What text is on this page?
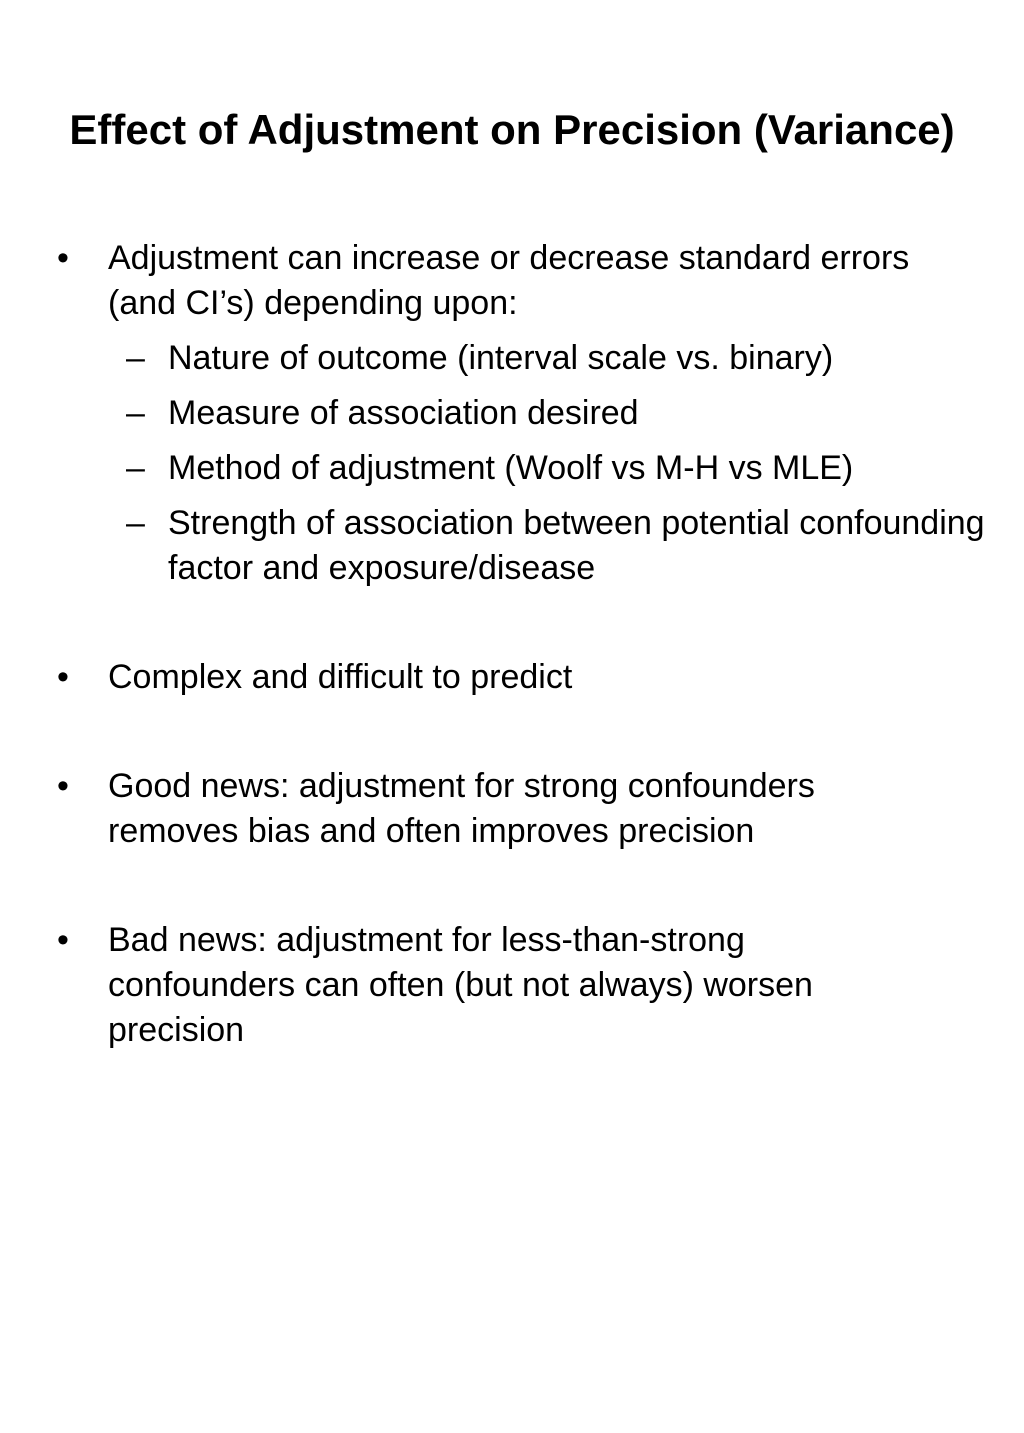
Effect of Adjustment on Precision (Variance)
• Adjustment can increase or decrease standard errors (and CI’s) depending upon:
– Nature of outcome (interval scale vs. binary)
– Measure of association desired
– Method of adjustment (Woolf vs M-H vs MLE)
– Strength of association between potential confounding factor and exposure/disease
• Complex and difficult to predict
• Good news: adjustment for strong confounders removes bias and often improves precision
• Bad news: adjustment for less-than-strong confounders can often (but not always) worsen precision
